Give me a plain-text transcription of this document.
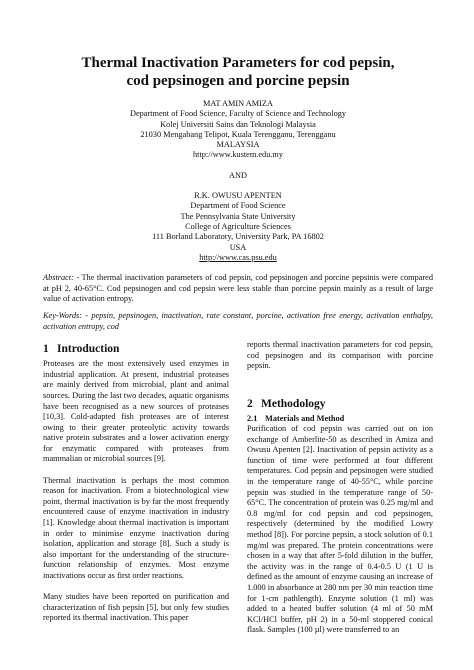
Thermal Inactivation Parameters for cod pepsin,
cod pepsinogen and porcine pepsin
MAT AMIN AMIZA
Department of Food Science, Faculty of Science and Technology
Kolej Universiti Sains dan Teknologi Malaysia
21030 Mengabang Telipot, Kuala Terengganu, Terengganu
MALAYSIA
http://www.kustem.edu.my
AND
R.K. OWUSU APENTEN
Department of Food Science
The Pennsylvania State University
College of Agriculture Sciences
111 Borland Laboratory, University Park, PA 16802
USA
http://www.cas.psu.edu
Abstract: - The thermal inactivation parameters of cod pepsin, cod pepsinogen and porcine pepsinis were compared at pH 2, 40-65°C. Cod pepsinogen and cod pepsin were less stable than porcine pepsin mainly as a result of large value of activation entropy.
Key-Words: - pepsin, pepsinogen, inactivation, rate constant, porcine, activation free energy, activation enthalpy, activation entropy, cod
1 Introduction

Proteases are the most extensively used enzymes in industrial application. At present, industrial proteases are mainly derived from microbial, plant and animal sources. During the last two decades, aquatic organisms have been recognised as a new sources of proteases [10,3]. Cold-adapted fish proteases are of interest owing to their greater proteolytic activity towards native protein substrates and a lower activation energy for enzymatic compared with proteases from mammalian or microbial sources [9].

Thermal inactivation is perhaps the most common reason for inactivation. From a biotechnological view point, thermal inactivation is by far the most frequently encountered cause of enzyme inactivation in industry [1]. Knowledge about thermal inactivation is important in order to minimise enzyme inactivation during isolation, application and storage [8]. Such a study is also important for the understanding of the structure-function relationship of enzymes. Most enzyme inactivations occur as first order reactions.

Many studies have been reported on purification and characterization of fish pepsin [5], but only few studies reported its thermal inactivation. This paper

reports thermal inactivation parameters for cod pepsin, cod pepsinogen and its comparison with porcine pepsin.

2 Methodology
2.1 Materials and Method

Purification of cod pepsin was carried out on ion exchange of Amberlite-50 as described in Amiza and Owusu Apenten [2]. Inactivation of pepsin activity as a function of time were performed at four different temperatures. Cod pepsin and pepsinogen were studied in the temperature range of 40-55°C, while porcine pepsin was studied in the temperature range of 50-65°C. The concentration of protein was 0.25 mg/ml and 0.8 mg/ml for cod pepsin and cod pepsinogen, respectively (determined by the modified Lowry method [8]). For porcine pepsin, a stock solution of 0.1 mg/ml was prepared. The protein concentrations were chosen in a way that after 5-fold dilution in the buffer, the activity was in the range of 0.4-0.5 U (1 U is defined as the amount of enzyme causing an increase of 1.000 in absorbance at 280 nm per 30 min reaction time for 1-cm pathlength). Enzyme solution (1 ml) was added to a heated buffer solution (4 ml of 50 mM KCl/HCl buffer, pH 2) in a 50-ml stoppered conical flask. Samples (100 µl) were transferred to an
